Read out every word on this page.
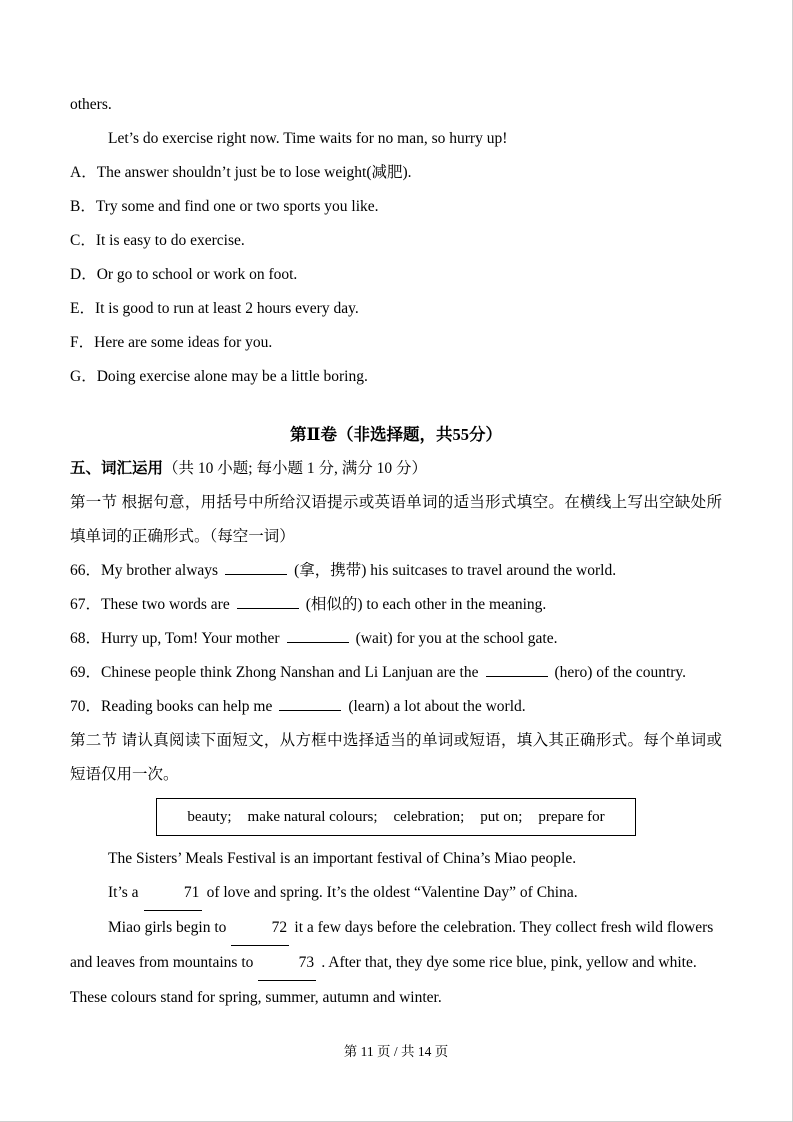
others.

Let’s do exercise right now. Time waits for no man, so hurry up!

A．The answer shouldn’t just be to lose weight(减肥).

B．Try some and find one or two sports you like.

C．It is easy to do exercise.

D．Or go to school or work on foot.

E．It is good to run at least 2 hours every day.

F．Here are some ideas for you.

G．Doing exercise alone may be a little boring.

第Ⅱ卷（非选择题，共55分）

五、词汇运用（共 10 小题; 每小题 1 分, 满分 10 分）

第一节 根据句意，用括号中所给汉语提示或英语单词的适当形式填空。在横线上写出空缺处所填单词的正确形式。（每空一词）

66．My brother always	(拿，携带) his suitcases to travel around the world.

67．These two words are	(相似的) to each other in the meaning.

68．Hurry up, Tom! Your mother	(wait) for you at the school gate.

69．Chinese people think Zhong Nanshan and Li Lanjuan are the	(hero) of the country.

70．Reading books can help me	(learn) a lot about the world.

第二节 请认真阅读下面短文，从方框中选择适当的单词或短语，填入其正确形式。每个单词或短语仅用一次。

beauty; make natural colours; celebration; put on; prepare for

The Sisters’ Meals Festival is an important festival of China’s Miao people.

It’s a	71 of love and spring. It’s the oldest “Valentine Day” of China.

Miao girls begin to	72 it a few days before the celebration. They collect fresh wild flowers and leaves from mountains to	73 . After that, they dye some rice blue, pink, yellow and white. These colours stand for spring, summer, autumn and winter.

第 11 页 / 共 14 页
